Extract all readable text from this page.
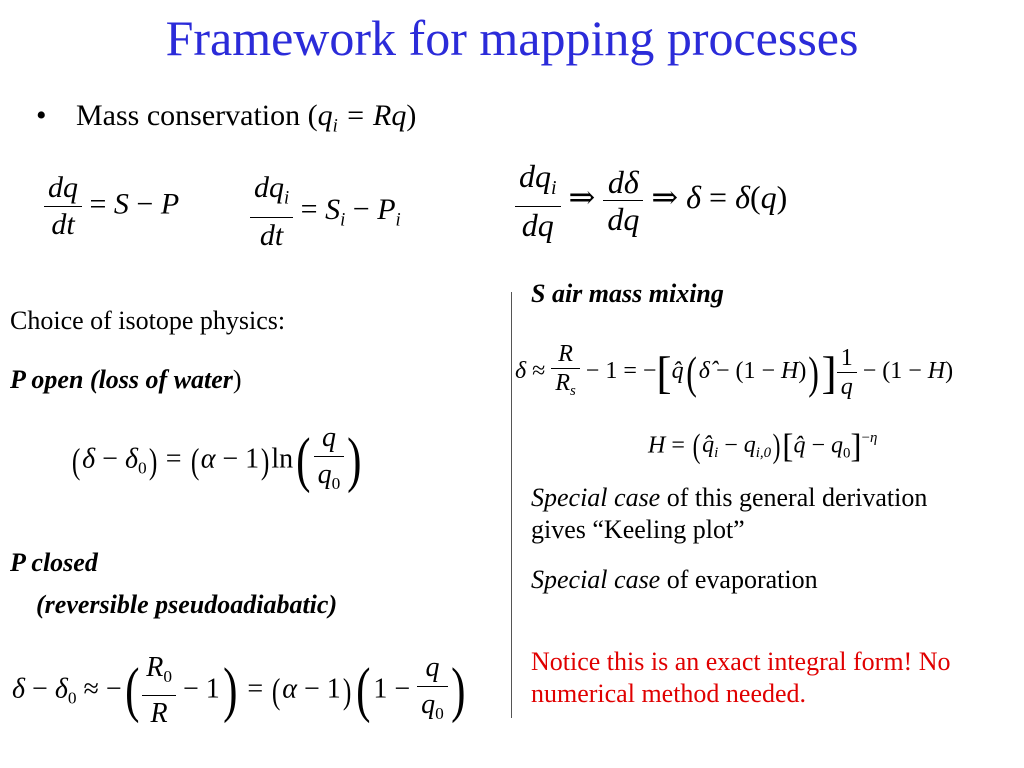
Framework for mapping processes
• Mass conservation $(q_i = Rq)$
$\frac{dq}{dt} = S - P \frac{dq_i}{dt} = S_i - P_i$	$\frac{dq_i}{dq}$ ⇒ $\frac{d\delta}{dq}$ ⇒ δ = δ(q)
S air mass mixing
Choice of isotope physics:
$\delta \approx \frac{R}{R_s} - 1$ = −[q̂(δ̂ − $(1 - H))] \frac{1}{q} - (1 - H)$
$H = (q̂_i$ − $q_{i,0})[q̂ - q_0]^{-\eta}$
P open (loss of water)
$(\delta - \delta_0) = (\alpha - 1)\ln( \frac{q}{q_0}$ )
Special case of this general derivation gives “Keeling plot”
Special case of evaporation
P closed
(reversible pseudoadiabatic)
$\delta - \delta_0$ ≈ −( $\frac{R_0}{R} - 1) = (\alpha - 1)$( $1 - \frac{q}{q_0}$ )	Notice this is an exact integral form! No numerical method needed.
